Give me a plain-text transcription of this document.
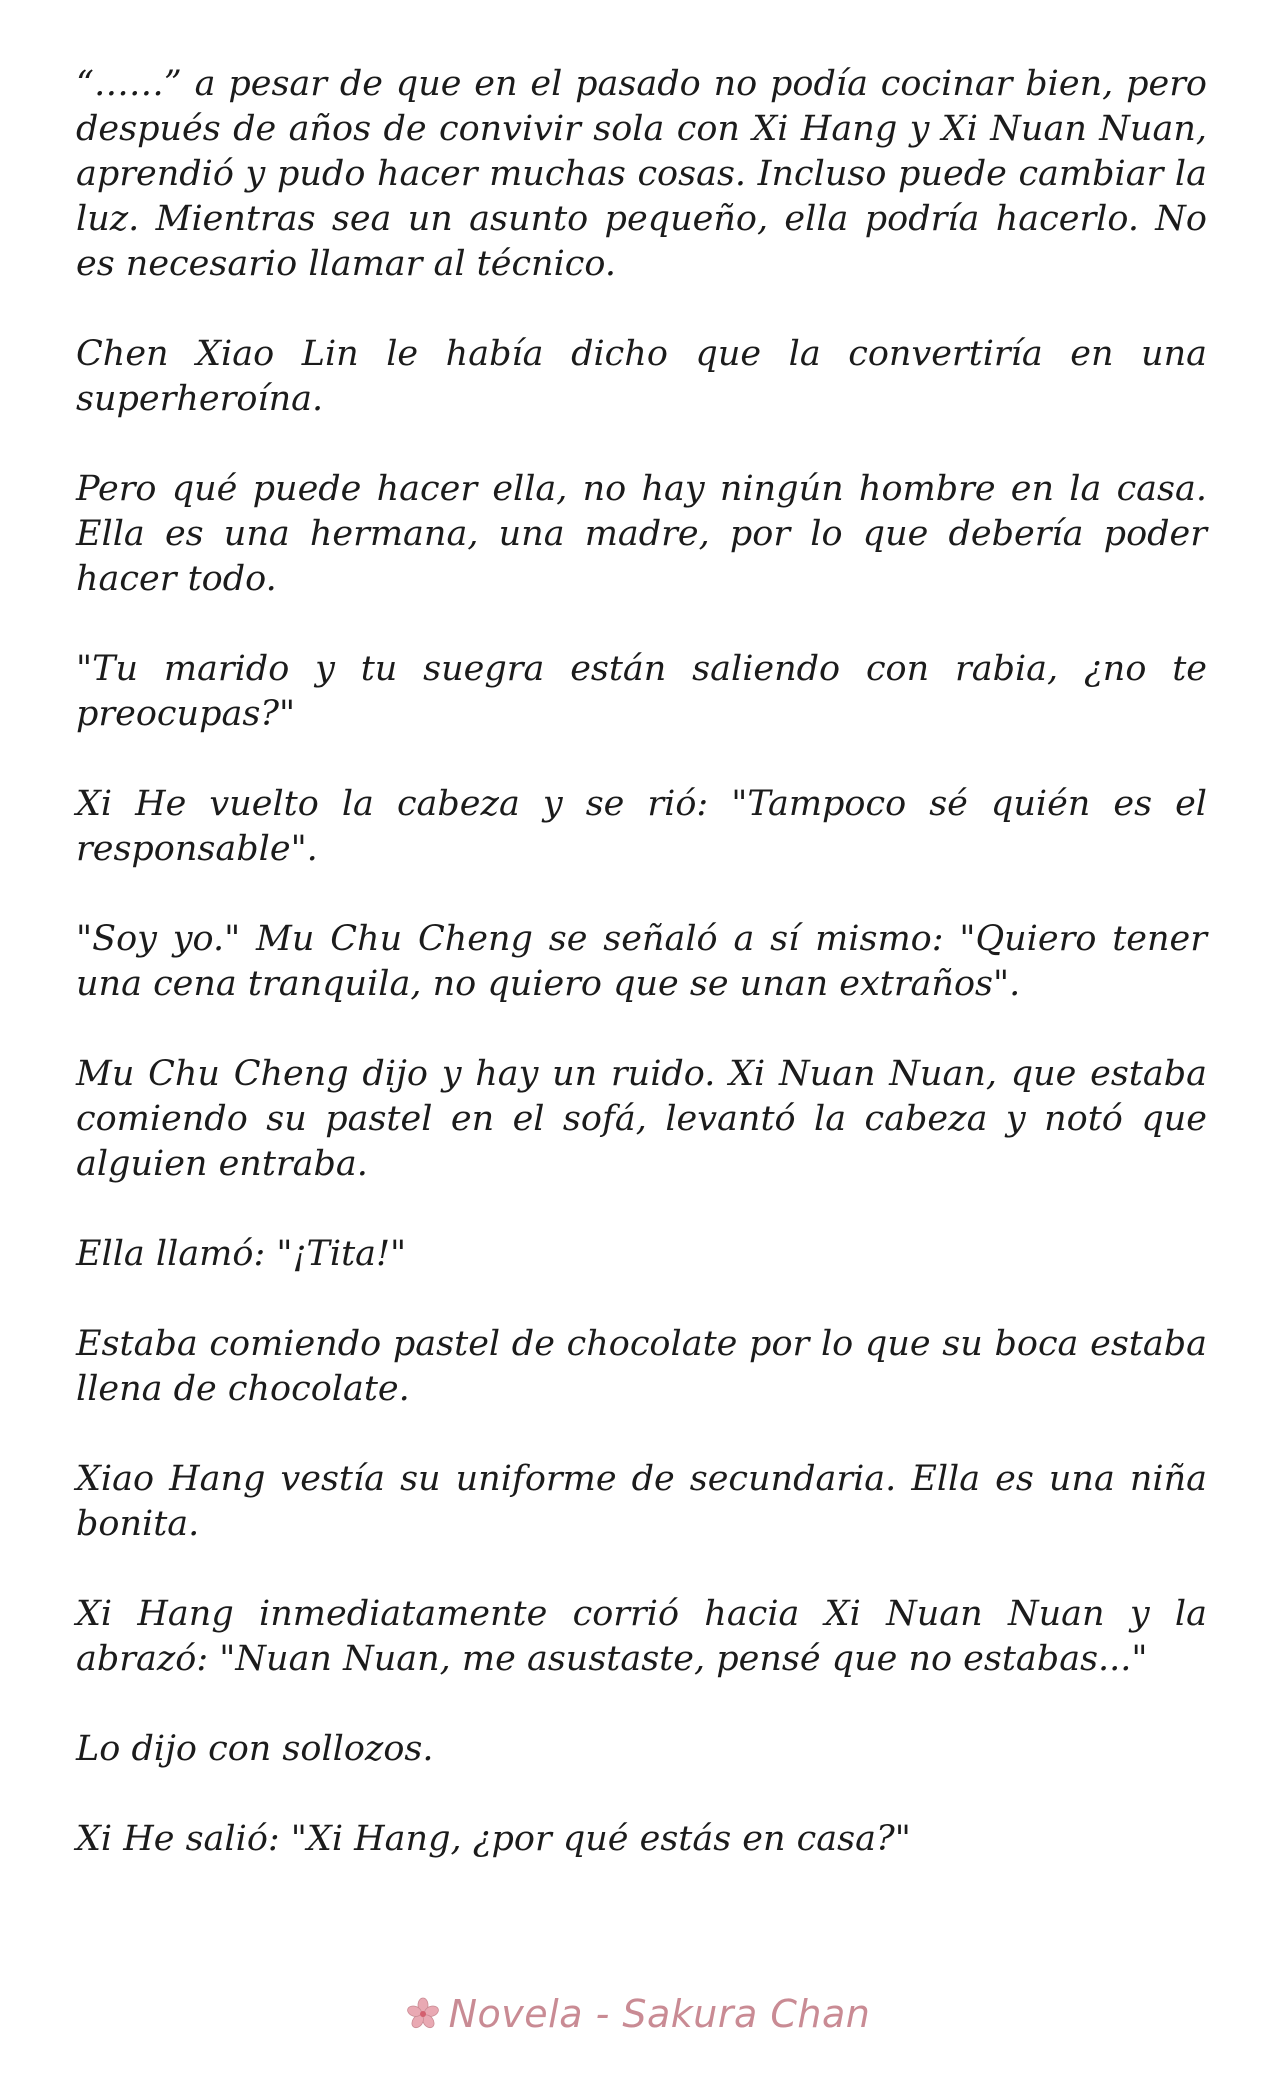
“……” a pesar de que en el pasado no podía cocinar bien, pero después de años de convivir sola con Xi Hang y Xi Nuan Nuan, aprendió y pudo hacer muchas cosas. Incluso puede cambiar la luz. Mientras sea un asunto pequeño, ella podría hacerlo. No es necesario llamar al técnico.

Chen Xiao Lin le había dicho que la convertiría en una superheroína.

Pero qué puede hacer ella, no hay ningún hombre en la casa. Ella es una hermana, una madre, por lo que debería poder hacer todo.

"Tu marido y tu suegra están saliendo con rabia, ¿no te preocupas?"

Xi He vuelto la cabeza y se rió: "Tampoco sé quién es el responsable".

"Soy yo." Mu Chu Cheng se señaló a sí mismo: "Quiero tener una cena tranquila, no quiero que se unan extraños".

Mu Chu Cheng dijo y hay un ruido. Xi Nuan Nuan, que estaba comiendo su pastel en el sofá, levantó la cabeza y notó que alguien entraba.

Ella llamó: "¡Tita!"

Estaba comiendo pastel de chocolate por lo que su boca estaba llena de chocolate.

Xiao Hang vestía su uniforme de secundaria. Ella es una niña bonita.

Xi Hang inmediatamente corrió hacia Xi Nuan Nuan y la abrazó: "Nuan Nuan, me asustaste, pensé que no estabas..."

Lo dijo con sollozos.

Xi He salió: "Xi Hang, ¿por qué estás en casa?"

Novela - Sakura Chan
